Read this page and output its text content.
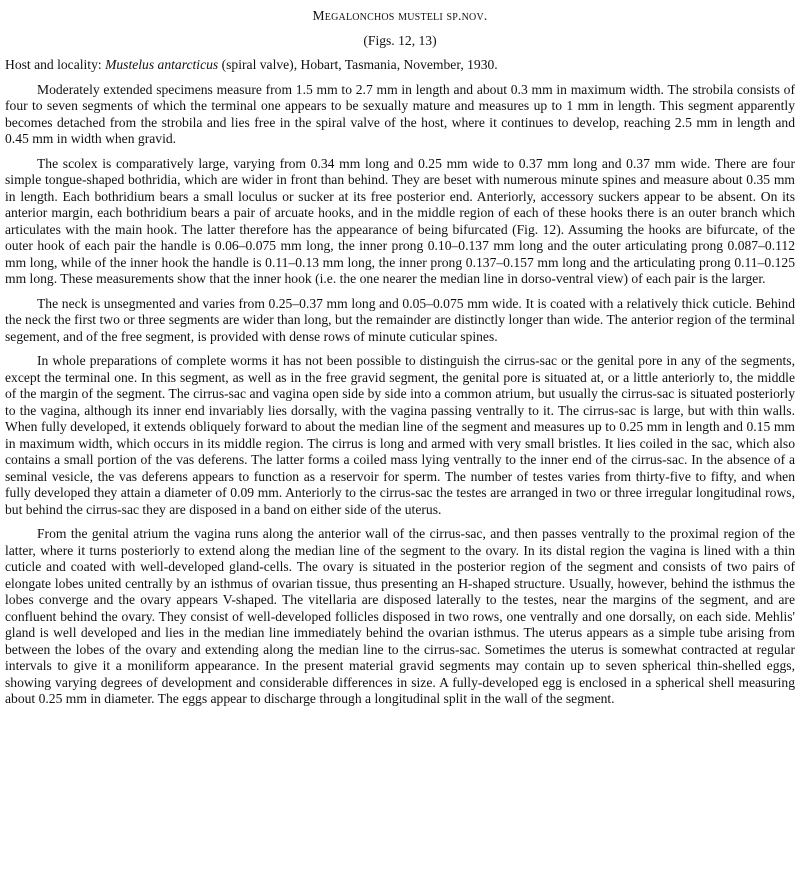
Megalonchos musteli sp.nov.
(Figs. 12, 13)
Host and locality: Mustelus antarcticus (spiral valve), Hobart, Tasmania, November, 1930.

Moderately extended specimens measure from 1.5 mm to 2.7 mm in length and about 0.3 mm in maximum width. The strobila consists of four to seven segments of which the terminal one appears to be sexually mature and measures up to 1 mm in length. This segment apparently becomes detached from the strobila and lies free in the spiral valve of the host, where it continues to develop, reaching 2.5 mm in length and 0.45 mm in width when gravid.

The scolex is comparatively large, varying from 0.34 mm long and 0.25 mm wide to 0.37 mm long and 0.37 mm wide. There are four simple tongue-shaped bothridia, which are wider in front than behind. They are beset with numerous minute spines and measure about 0.35 mm in length. Each bothridium bears a small loculus or sucker at its free posterior end. Anteriorly, accessory suckers appear to be absent. On its anterior margin, each bothridium bears a pair of arcuate hooks, and in the middle region of each of these hooks there is an outer branch which articulates with the main hook. The latter therefore has the appearance of being bifurcated (Fig. 12). Assuming the hooks are bifurcate, of the outer hook of each pair the handle is 0.06–0.075 mm long, the inner prong 0.10–0.137 mm long and the outer articulating prong 0.087–0.112 mm long, while of the inner hook the handle is 0.11–0.13 mm long, the inner prong 0.137–0.157 mm long and the articulating prong 0.11–0.125 mm long. These measurements show that the inner hook (i.e. the one nearer the median line in dorso-ventral view) of each pair is the larger.

The neck is unsegmented and varies from 0.25–0.37 mm long and 0.05–0.075 mm wide. It is coated with a relatively thick cuticle. Behind the neck the first two or three segments are wider than long, but the remainder are distinctly longer than wide. The anterior region of the terminal segement, and of the free segment, is provided with dense rows of minute cuticular spines.

In whole preparations of complete worms it has not been possible to distinguish the cirrus-sac or the genital pore in any of the segments, except the terminal one. In this segment, as well as in the free gravid segment, the genital pore is situated at, or a little anteriorly to, the middle of the margin of the segment. The cirrus-sac and vagina open side by side into a common atrium, but usually the cirrus-sac is situated posteriorly to the vagina, although its inner end invariably lies dorsally, with the vagina passing ventrally to it. The cirrus-sac is large, but with thin walls. When fully developed, it extends obliquely forward to about the median line of the segment and measures up to 0.25 mm in length and 0.15 mm in maximum width, which occurs in its middle region. The cirrus is long and armed with very small bristles. It lies coiled in the sac, which also contains a small portion of the vas deferens. The latter forms a coiled mass lying ventrally to the inner end of the cirrus-sac. In the absence of a seminal vesicle, the vas deferens appears to function as a reservoir for sperm. The number of testes varies from thirty-five to fifty, and when fully developed they attain a diameter of 0.09 mm. Anteriorly to the cirrus-sac the testes are arranged in two or three irregular longitudinal rows, but behind the cirrus-sac they are disposed in a band on either side of the uterus.

From the genital atrium the vagina runs along the anterior wall of the cirrus-sac, and then passes ventrally to the proximal region of the latter, where it turns posteriorly to extend along the median line of the segment to the ovary. In its distal region the vagina is lined with a thin cuticle and coated with well-developed gland-cells. The ovary is situated in the posterior region of the segment and consists of two pairs of elongate lobes united centrally by an isthmus of ovarian tissue, thus presenting an H-shaped structure. Usually, however, behind the isthmus the lobes converge and the ovary appears V-shaped. The vitellaria are disposed laterally to the testes, near the margins of the segment, and are confluent behind the ovary. They consist of well-developed follicles disposed in two rows, one ventrally and one dorsally, on each side. Mehlis' gland is well developed and lies in the median line immediately behind the ovarian isthmus. The uterus appears as a simple tube arising from between the lobes of the ovary and extending along the median line to the cirrus-sac. Sometimes the uterus is somewhat contracted at regular intervals to give it a moniliform appearance. In the present material gravid segments may contain up to seven spherical thin-shelled eggs, showing varying degrees of development and considerable differences in size. A fully-developed egg is enclosed in a spherical shell measuring about 0.25 mm in diameter. The eggs appear to discharge through a longitudinal split in the wall of the segment.
